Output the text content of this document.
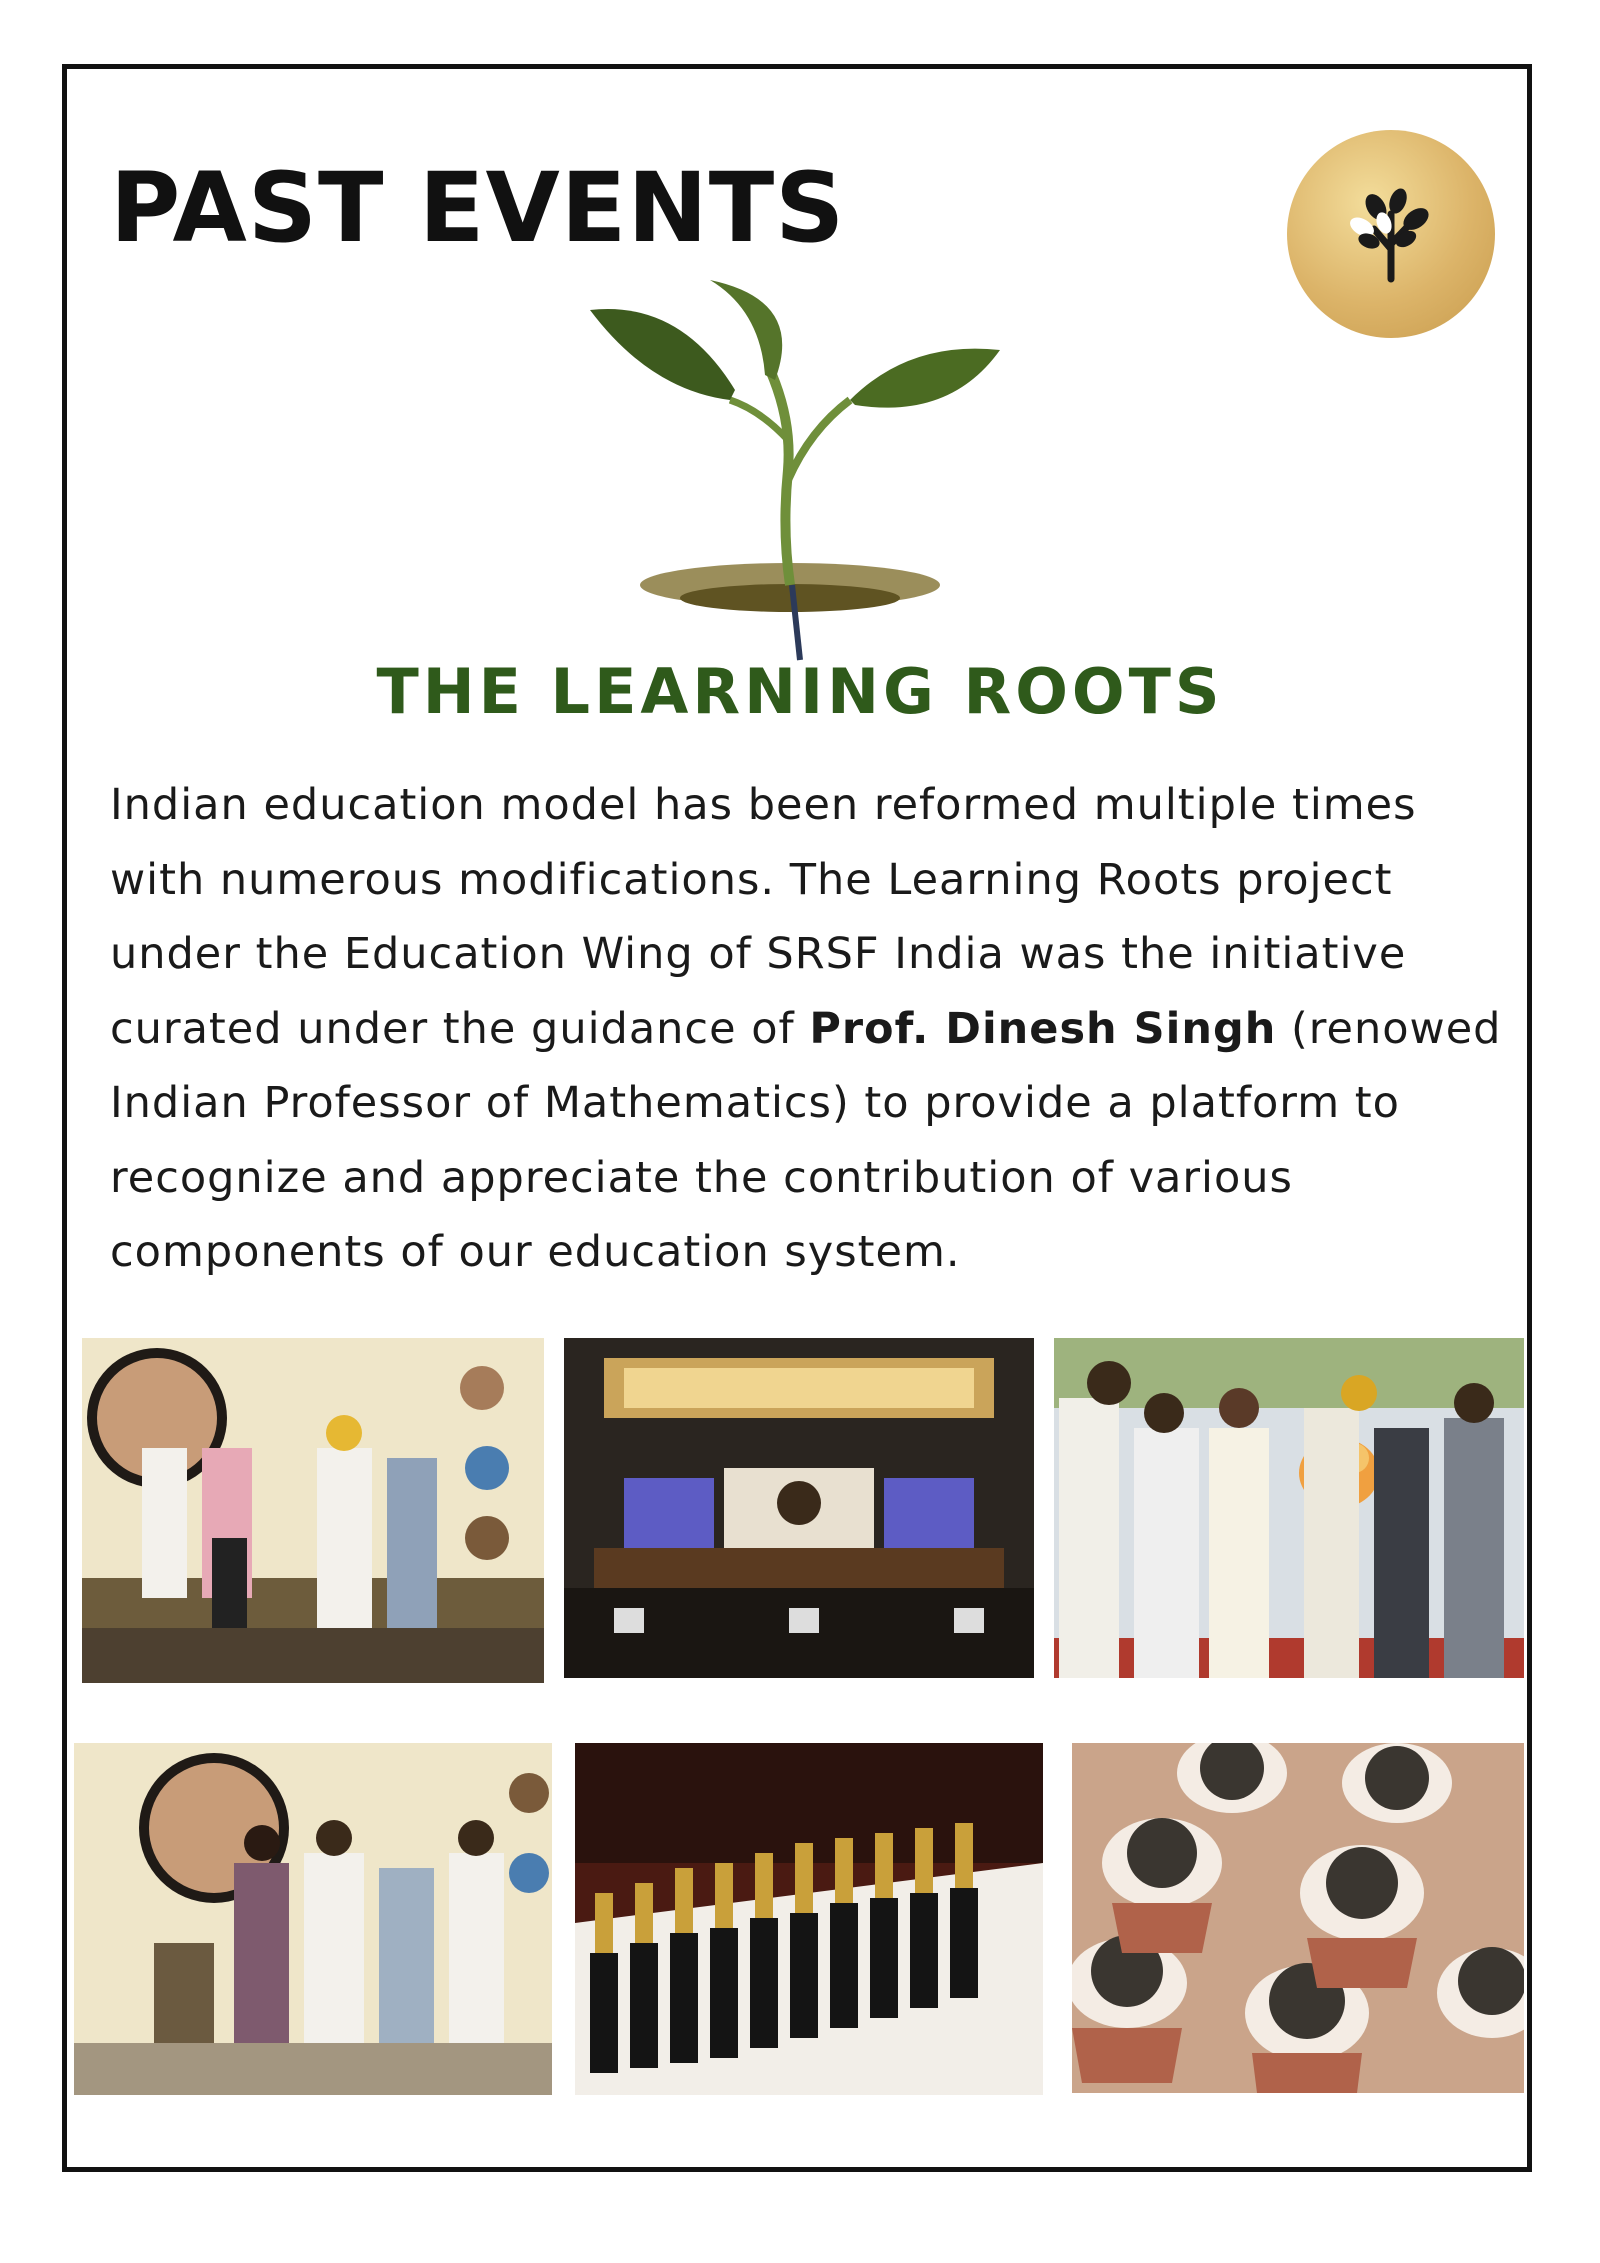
PAST EVENTS
THE LEARNING ROOTS

Indian education model has been reformed multiple times with numerous modifications. The Learning Roots project under the Education Wing of SRSF India was the initiative curated under the guidance of Prof. Dinesh Singh (renowed Indian Professor of Mathematics) to provide a platform to recognize and appreciate the contribution of various components of our education system.
